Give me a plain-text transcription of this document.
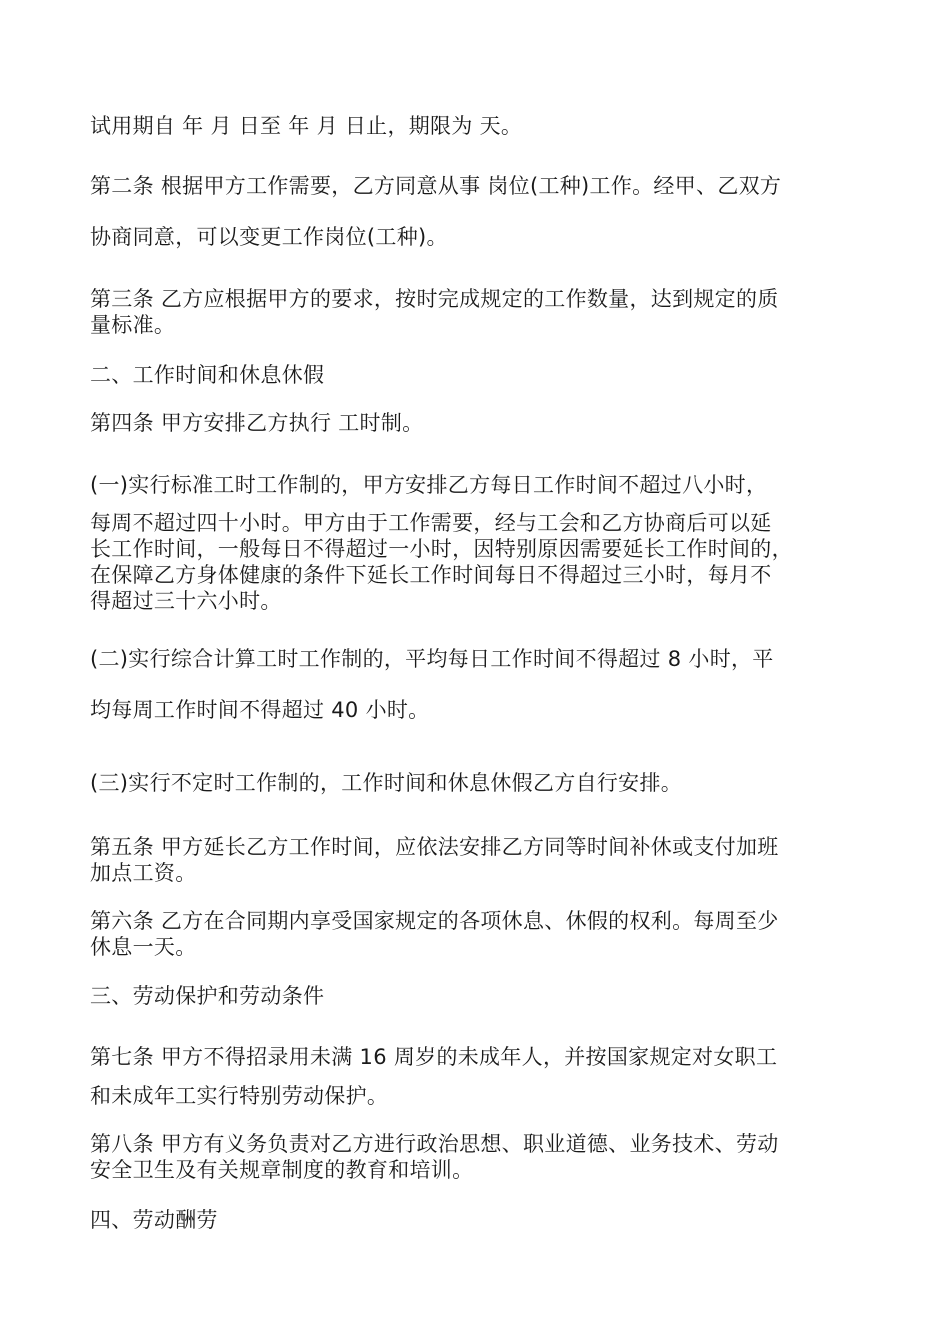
试用期自 年 月 日至 年 月 日止，期限为 天。

第二条 根据甲方工作需要，乙方同意从事 岗位(工种)工作。经甲、乙双方

协商同意，可以变更工作岗位(工种)。

第三条 乙方应根据甲方的要求，按时完成规定的工作数量，达到规定的质
量标准。

二、工作时间和休息休假

第四条 甲方安排乙方执行 工时制。

(一)实行标准工时工作制的，甲方安排乙方每日工作时间不超过八小时，

每周不超过四十小时。甲方由于工作需要，经与工会和乙方协商后可以延
长工作时间，一般每日不得超过一小时，因特别原因需要延长工作时间的，
在保障乙方身体健康的条件下延长工作时间每日不得超过三小时，每月不
得超过三十六小时。

(二)实行综合计算工时工作制的，平均每日工作时间不得超过 8 小时，平

均每周工作时间不得超过 40 小时。

(三)实行不定时工作制的，工作时间和休息休假乙方自行安排。

第五条 甲方延长乙方工作时间，应依法安排乙方同等时间补休或支付加班
加点工资。

第六条 乙方在合同期内享受国家规定的各项休息、休假的权利。每周至少
休息一天。

三、劳动保护和劳动条件

第七条 甲方不得招录用未满 16 周岁的未成年人，并按国家规定对女职工

和未成年工实行特别劳动保护。

第八条 甲方有义务负责对乙方进行政治思想、职业道德、业务技术、劳动
安全卫生及有关规章制度的教育和培训。

四、劳动酬劳
